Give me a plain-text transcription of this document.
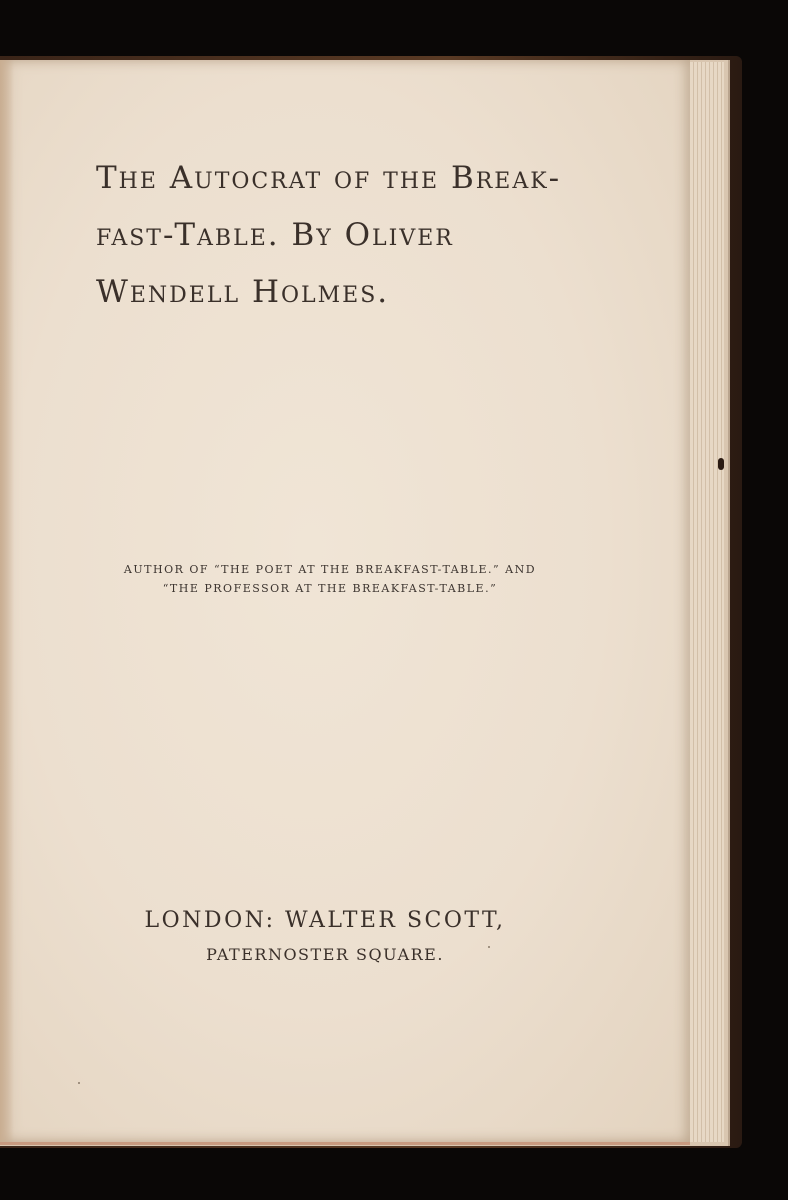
The Autocrat of the Break-
fast-Table. By Oliver
Wendell Holmes.
AUTHOR OF “THE POET AT THE BREAKFAST-TABLE.” AND
“THE PROFESSOR AT THE BREAKFAST-TABLE.”
LONDON: WALTER SCOTT,
PATERNOSTER SQUARE.
